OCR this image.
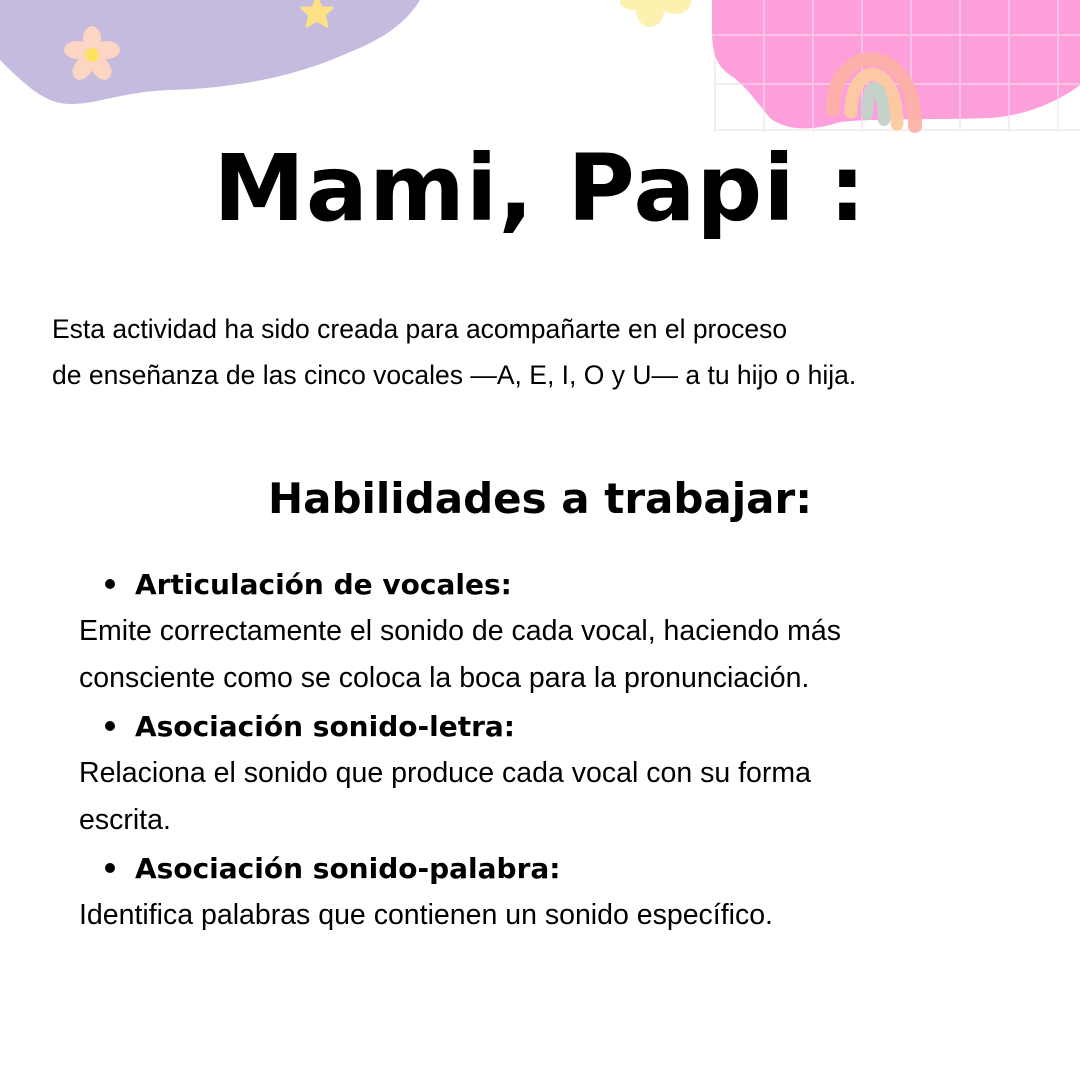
Mami, Papi :
Esta actividad ha sido creada para acompañarte en el proceso
de enseñanza de las cinco vocales —A, E, I, O y U— a tu hijo o hija.
Habilidades a trabajar:
Articulación de vocales:
Emite correctamente el sonido de cada vocal, haciendo más
consciente como se coloca la boca para la pronunciación.
Asociación sonido-letra:
Relaciona el sonido que produce cada vocal con su forma
escrita.
Asociación sonido-palabra:
Identifica palabras que contienen un sonido específico.
